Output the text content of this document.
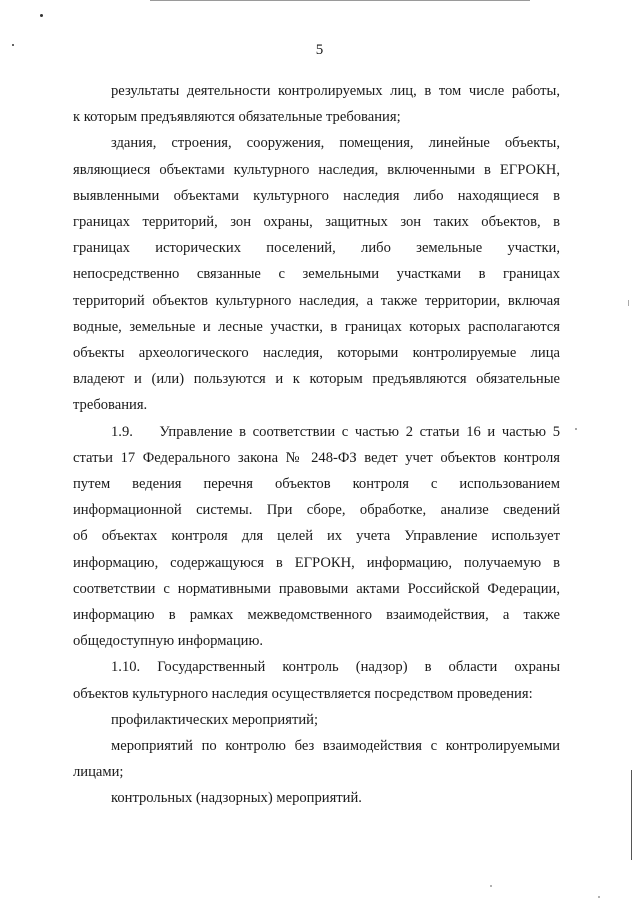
5
результаты деятельности контролируемых лиц, в том числе работы,
к которым предъявляются обязательные требования;
здания, строения, сооружения, помещения, линейные объекты,
являющиеся объектами культурного наследия, включенными в ЕГРОКН,
выявленными объектами культурного наследия либо находящиеся в
границах территорий, зон охраны, защитных зон таких объектов, в
границах исторических поселений, либо земельные участки,
непосредственно связанные с земельными участками в границах
территорий объектов культурного наследия, а также территории, включая
водные, земельные и лесные участки, в границах которых располагаются
объекты археологического наследия, которыми контролируемые лица
владеют и (или) пользуются и к которым предъявляются обязательные
требования.
1.9.    Управление в соответствии с частью 2 статьи 16 и частью 5
статьи 17 Федерального закона № 248-ФЗ ведет учет объектов контроля
путем ведения перечня объектов контроля с использованием
информационной системы. При сборе, обработке, анализе сведений
об объектах контроля для целей их учета Управление использует
информацию, содержащуюся в ЕГРОКН, информацию, получаемую в
соответствии с нормативными правовыми актами Российской Федерации,
информацию в рамках межведомственного взаимодействия, а также
общедоступную информацию.
1.10. Государственный контроль (надзор) в области охраны
объектов культурного наследия осуществляется посредством проведения:
профилактических мероприятий;
мероприятий по контролю без взаимодействия с контролируемыми
лицами;
контрольных (надзорных) мероприятий.
